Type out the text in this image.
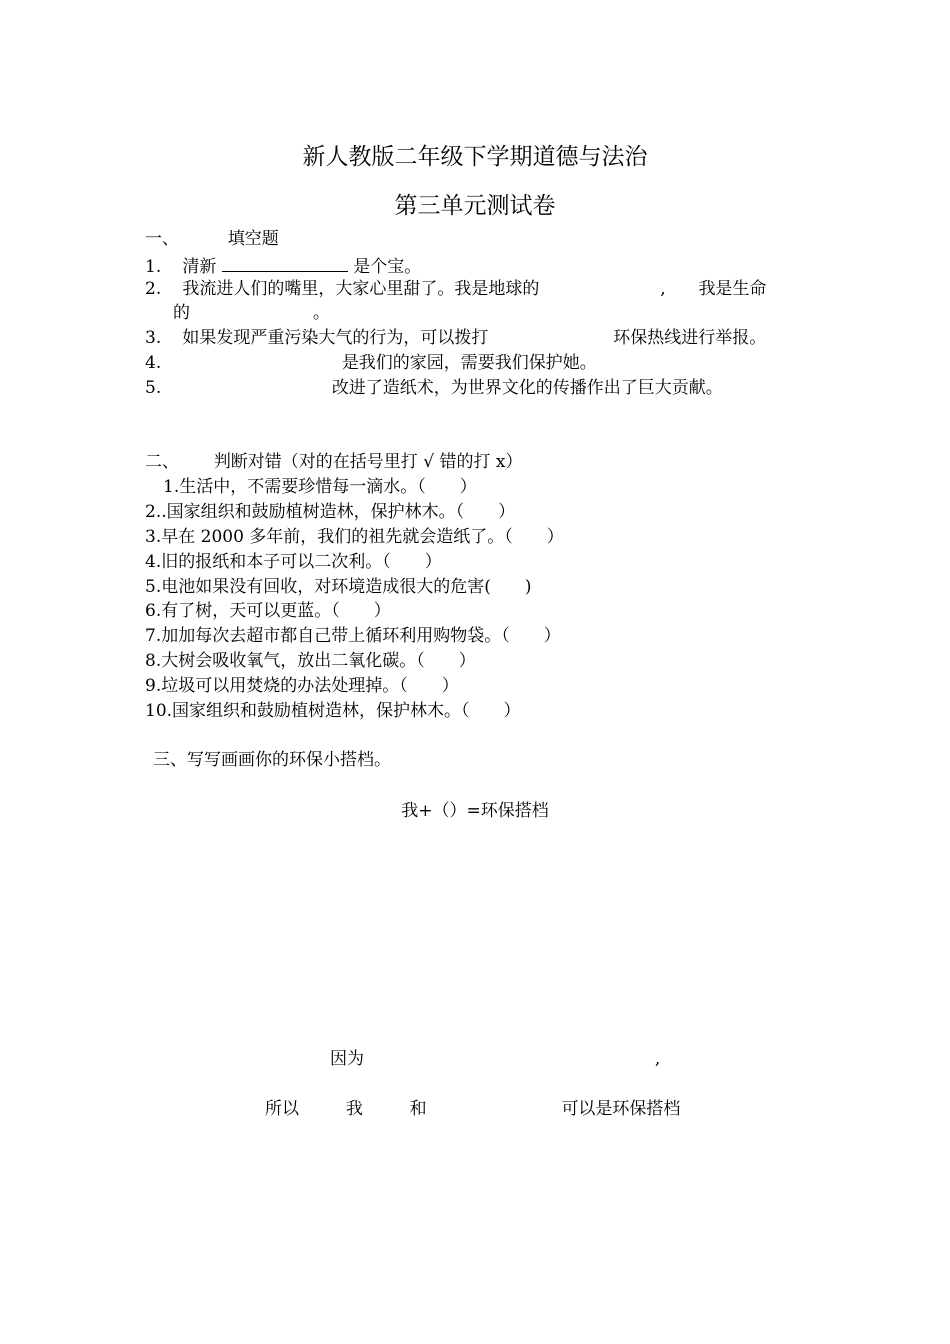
新人教版二年级下学期道德与法治
第三单元测试卷
一、	填空题
1. 清新	是个宝。
2. 我流进人们的嘴里，大家心里甜了。我是地球的	, 我是生命
的	。
3. 如果发现严重污染大气的行为，可以拨打	环保热线进行举报。
4.	是我们的家园，需要我们保护她。
5.	改进了造纸术，为世界文化的传播作出了巨大贡献。
二、 判断对错（对的在括号里打 √ 错的打 x）
1.生活中，不需要珍惜每一滴水。（　　）
2..国家组织和鼓励植树造林，保护林木。（　　）
3.早在 2000 多年前，我们的祖先就会造纸了。（　　）
4.旧的报纸和本子可以二次利。（　　）
5.电池如果没有回收，对环境造成很大的危害(　　)
6.有了树，天可以更蓝。（　　）
7.加加每次去超市都自己带上循环利用购物袋。（　　）
8.大树会吸收氧气，放出二氧化碳。（　　）
9.垃圾可以用焚烧的办法处理掉。（　　）
10.国家组织和鼓励植树造林，保护林木。（　　）
三、写写画画你的环保小搭档。
我+（）=环保搭档
因为	,
所以	我	和	可以是环保搭档
